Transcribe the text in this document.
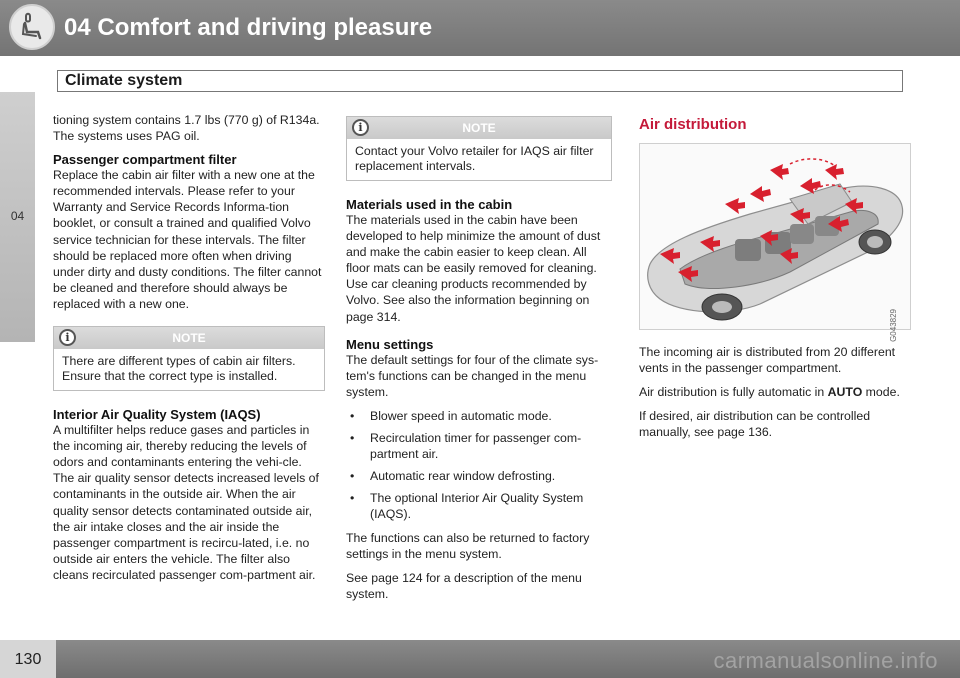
04 Comfort and driving pleasure
Climate system
04

tioning system contains 1.7 lbs (770 g) of R134a. The systems uses PAG oil.

Passenger compartment filter

Replace the cabin air filter with a new one at the recommended intervals. Please refer to your Warranty and Service Records Informa-tion booklet, or consult a trained and qualified Volvo service technician for these intervals. The filter should be replaced more often when driving under dirty and dusty conditions. The filter cannot be cleaned and therefore should always be replaced with a new one.

i	NOTE
There are different types of cabin air filters. Ensure that the correct type is installed.
Interior Air Quality System (IAQS)

A multifilter helps reduce gases and particles in the incoming air, thereby reducing the levels of odors and contaminants entering the vehi-cle. The air quality sensor detects increased levels of contaminants in the outside air. When the air quality sensor detects contaminated outside air, the air intake closes and the air inside the passenger compartment is recircu-lated, i.e. no outside air enters the vehicle. The filter also cleans recirculated passenger com-partment air.

i	NOTE
Contact your Volvo retailer for IAQS air filter replacement intervals.
Materials used in the cabin

The materials used in the cabin have been developed to help minimize the amount of dust and make the cabin easier to keep clean. All floor mats can be easily removed for cleaning. Use car cleaning products recommended by Volvo. See also the information beginning on page 314.

Menu settings

The default settings for four of the climate sys-tem's functions can be changed in the menu system.

• Blower speed in automatic mode.
• Recirculation timer for passenger com-partment air.
• Automatic rear window defrosting.
• The optional Interior Air Quality System (IAQS).

The functions can also be returned to factory settings in the menu system.

See page 124 for a description of the menu system.

Air distribution
G043829

The incoming air is distributed from 20 different vents in the passenger compartment.

Air distribution is fully automatic in AUTO mode.

If desired, air distribution can be controlled manually, see page 136.

130	carmanualsonline.info
